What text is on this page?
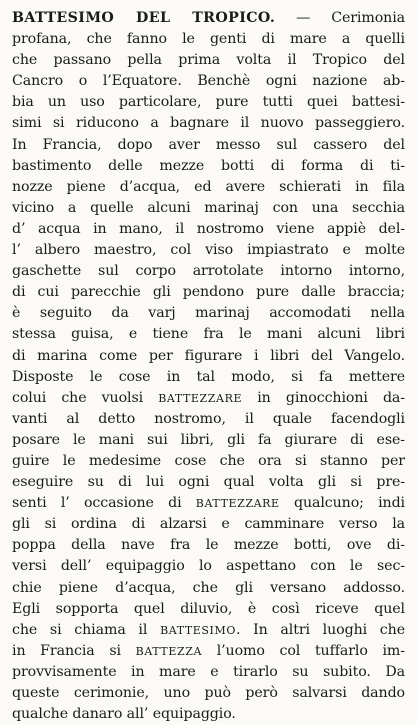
BATTESIMO DEL TROPICO. — Cerimonia
profana, che fanno le genti di mare a quelli
che passano pella prima volta il Tropico del
Cancro o l’Equatore. Benchè ogni nazione ab-
bia un uso particolare, pure tutti quei battesi-
simi si riducono a bagnare il nuovo passeggiero.
In Francia, dopo aver messo sul cassero del
bastimento delle mezze botti di forma di ti-
nozze piene d’acqua, ed avere schierati in fila
vicino a quelle alcuni marinaj con una secchia
d’ acqua in mano, il nostromo viene appiè del-
l’ albero maestro, col viso impiastrato e molte
gaschette sul corpo arrotolate intorno intorno,
di cui parecchie gli pendono pure dalle braccia;
è seguito da varj marinaj accomodati nella
stessa guisa, e tiene fra le mani alcuni libri
di marina come per figurare i libri del Vangelo.
Disposte le cose in tal modo, si fa mettere
colui che vuolsi BATTEZZARE in ginocchioni da-
vanti al detto nostromo, il quale facendogli
posare le mani sui libri, gli fa giurare di ese-
guire le medesime cose che ora si stanno per
eseguire su di lui ogni qual volta gli si pre-
senti l’ occasione di BATTEZZARE qualcuno; indi
gli si ordina di alzarsi e camminare verso la
poppa della nave fra le mezze botti, ove di-
versi dell’ equipaggio lo aspettano con le sec-
chie piene d’acqua, che gli versano addosso.
Egli sopporta quel diluvio, è così riceve quel
che si chiama il BATTESIMO. In altri luoghi che
in Francia si BATTEZZA l’uomo col tuffarlo im-
provvisamente in mare e tirarlo su subito. Da
queste cerimonie, uno può però salvarsi dando
qualche danaro all’ equipaggio.
